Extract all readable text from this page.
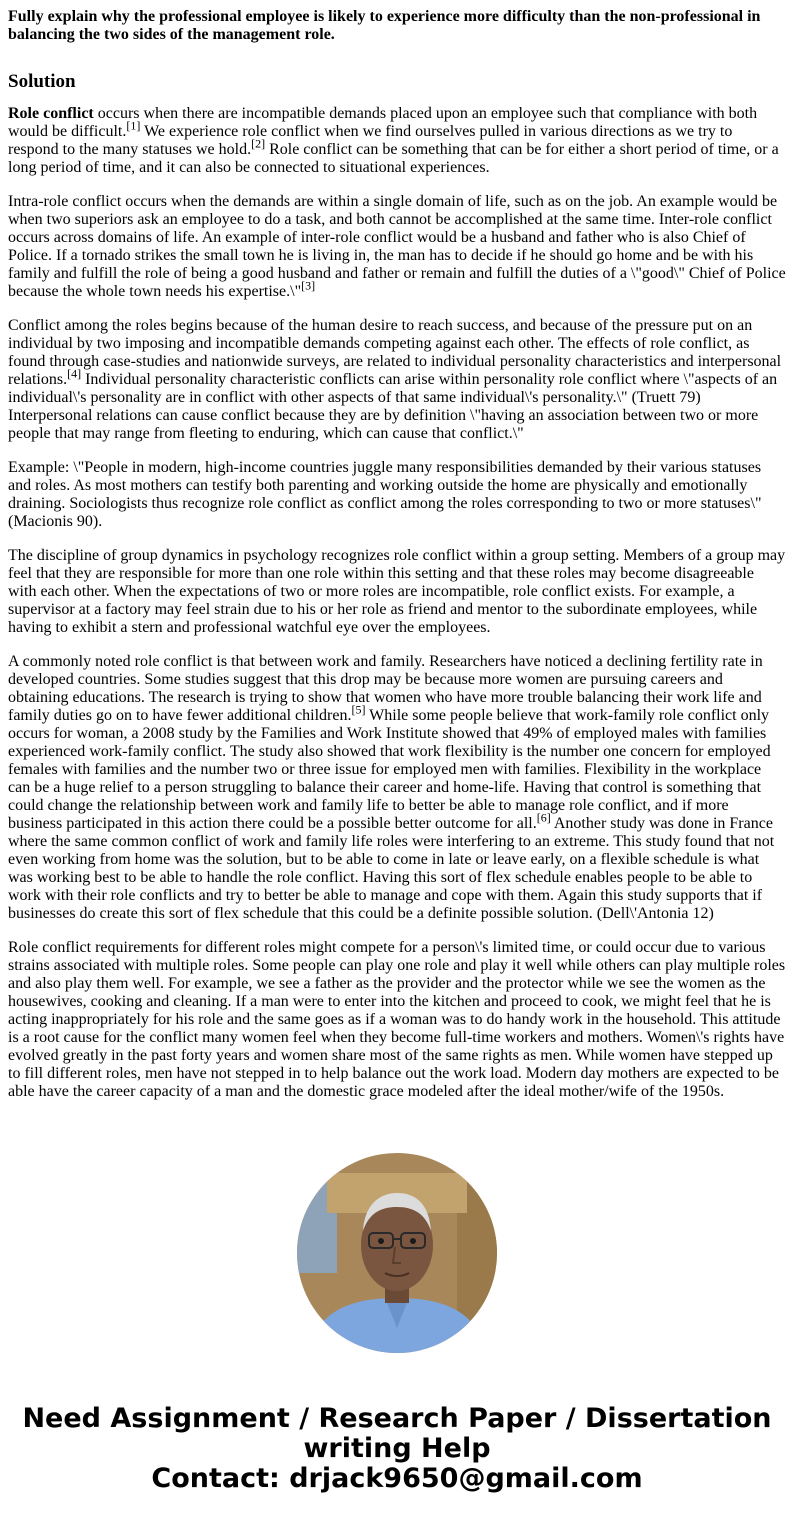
Fully explain why the professional employee is likely to experience more difficulty than the non-professional in balancing the two sides of the management role.
Solution

Role conflict occurs when there are incompatible demands placed upon an employee such that compliance with both would be difficult.[1] We experience role conflict when we find ourselves pulled in various directions as we try to respond to the many statuses we hold.[2] Role conflict can be something that can be for either a short period of time, or a long period of time, and it can also be connected to situational experiences.

Intra-role conflict occurs when the demands are within a single domain of life, such as on the job. An example would be when two superiors ask an employee to do a task, and both cannot be accomplished at the same time. Inter-role conflict occurs across domains of life. An example of inter-role conflict would be a husband and father who is also Chief of Police. If a tornado strikes the small town he is living in, the man has to decide if he should go home and be with his family and fulfill the role of being a good husband and father or remain and fulfill the duties of a \"good\" Chief of Police because the whole town needs his expertise.\"[3]

Conflict among the roles begins because of the human desire to reach success, and because of the pressure put on an individual by two imposing and incompatible demands competing against each other. The effects of role conflict, as found through case-studies and nationwide surveys, are related to individual personality characteristics and interpersonal relations.[4] Individual personality characteristic conflicts can arise within personality role conflict where \"aspects of an individual\'s personality are in conflict with other aspects of that same individual\'s personality.\" (Truett 79) Interpersonal relations can cause conflict because they are by definition \"having an association between two or more people that may range from fleeting to enduring, which can cause that conflict.\"

Example: \"People in modern, high-income countries juggle many responsibilities demanded by their various statuses and roles. As most mothers can testify both parenting and working outside the home are physically and emotionally draining. Sociologists thus recognize role conflict as conflict among the roles corresponding to two or more statuses\" (Macionis 90).

The discipline of group dynamics in psychology recognizes role conflict within a group setting. Members of a group may feel that they are responsible for more than one role within this setting and that these roles may become disagreeable with each other. When the expectations of two or more roles are incompatible, role conflict exists. For example, a supervisor at a factory may feel strain due to his or her role as friend and mentor to the subordinate employees, while having to exhibit a stern and professional watchful eye over the employees.

A commonly noted role conflict is that between work and family. Researchers have noticed a declining fertility rate in developed countries. Some studies suggest that this drop may be because more women are pursuing careers and obtaining educations. The research is trying to show that women who have more trouble balancing their work life and family duties go on to have fewer additional children.[5] While some people believe that work-family role conflict only occurs for woman, a 2008 study by the Families and Work Institute showed that 49% of employed males with families experienced work-family conflict. The study also showed that work flexibility is the number one concern for employed females with families and the number two or three issue for employed men with families. Flexibility in the workplace can be a huge relief to a person struggling to balance their career and home-life. Having that control is something that could change the relationship between work and family life to better be able to manage role conflict, and if more business participated in this action there could be a possible better outcome for all.[6] Another study was done in France where the same common conflict of work and family life roles were interfering to an extreme. This study found that not even working from home was the solution, but to be able to come in late or leave early, on a flexible schedule is what was working best to be able to handle the role conflict. Having this sort of flex schedule enables people to be able to work with their role conflicts and try to better be able to manage and cope with them. Again this study supports that if businesses do create this sort of flex schedule that this could be a definite possible solution. (Dell\'Antonia 12)

Role conflict requirements for different roles might compete for a person\'s limited time, or could occur due to various strains associated with multiple roles. Some people can play one role and play it well while others can play multiple roles and also play them well. For example, we see a father as the provider and the protector while we see the women as the housewives, cooking and cleaning. If a man were to enter into the kitchen and proceed to cook, we might feel that he is acting inappropriately for his role and the same goes as if a woman was to do handy work in the household. This attitude is a root cause for the conflict many women feel when they become full-time workers and mothers. Women\'s rights have evolved greatly in the past forty years and women share most of the same rights as men. While women have stepped up to fill different roles, men have not stepped in to help balance out the work load. Modern day mothers are expected to be able have the career capacity of a man and the domestic grace modeled after the ideal mother/wife of the 1950s.

Need Assignment / Research Paper / Dissertation
writing Help
Contact: drjack9650@gmail.com
